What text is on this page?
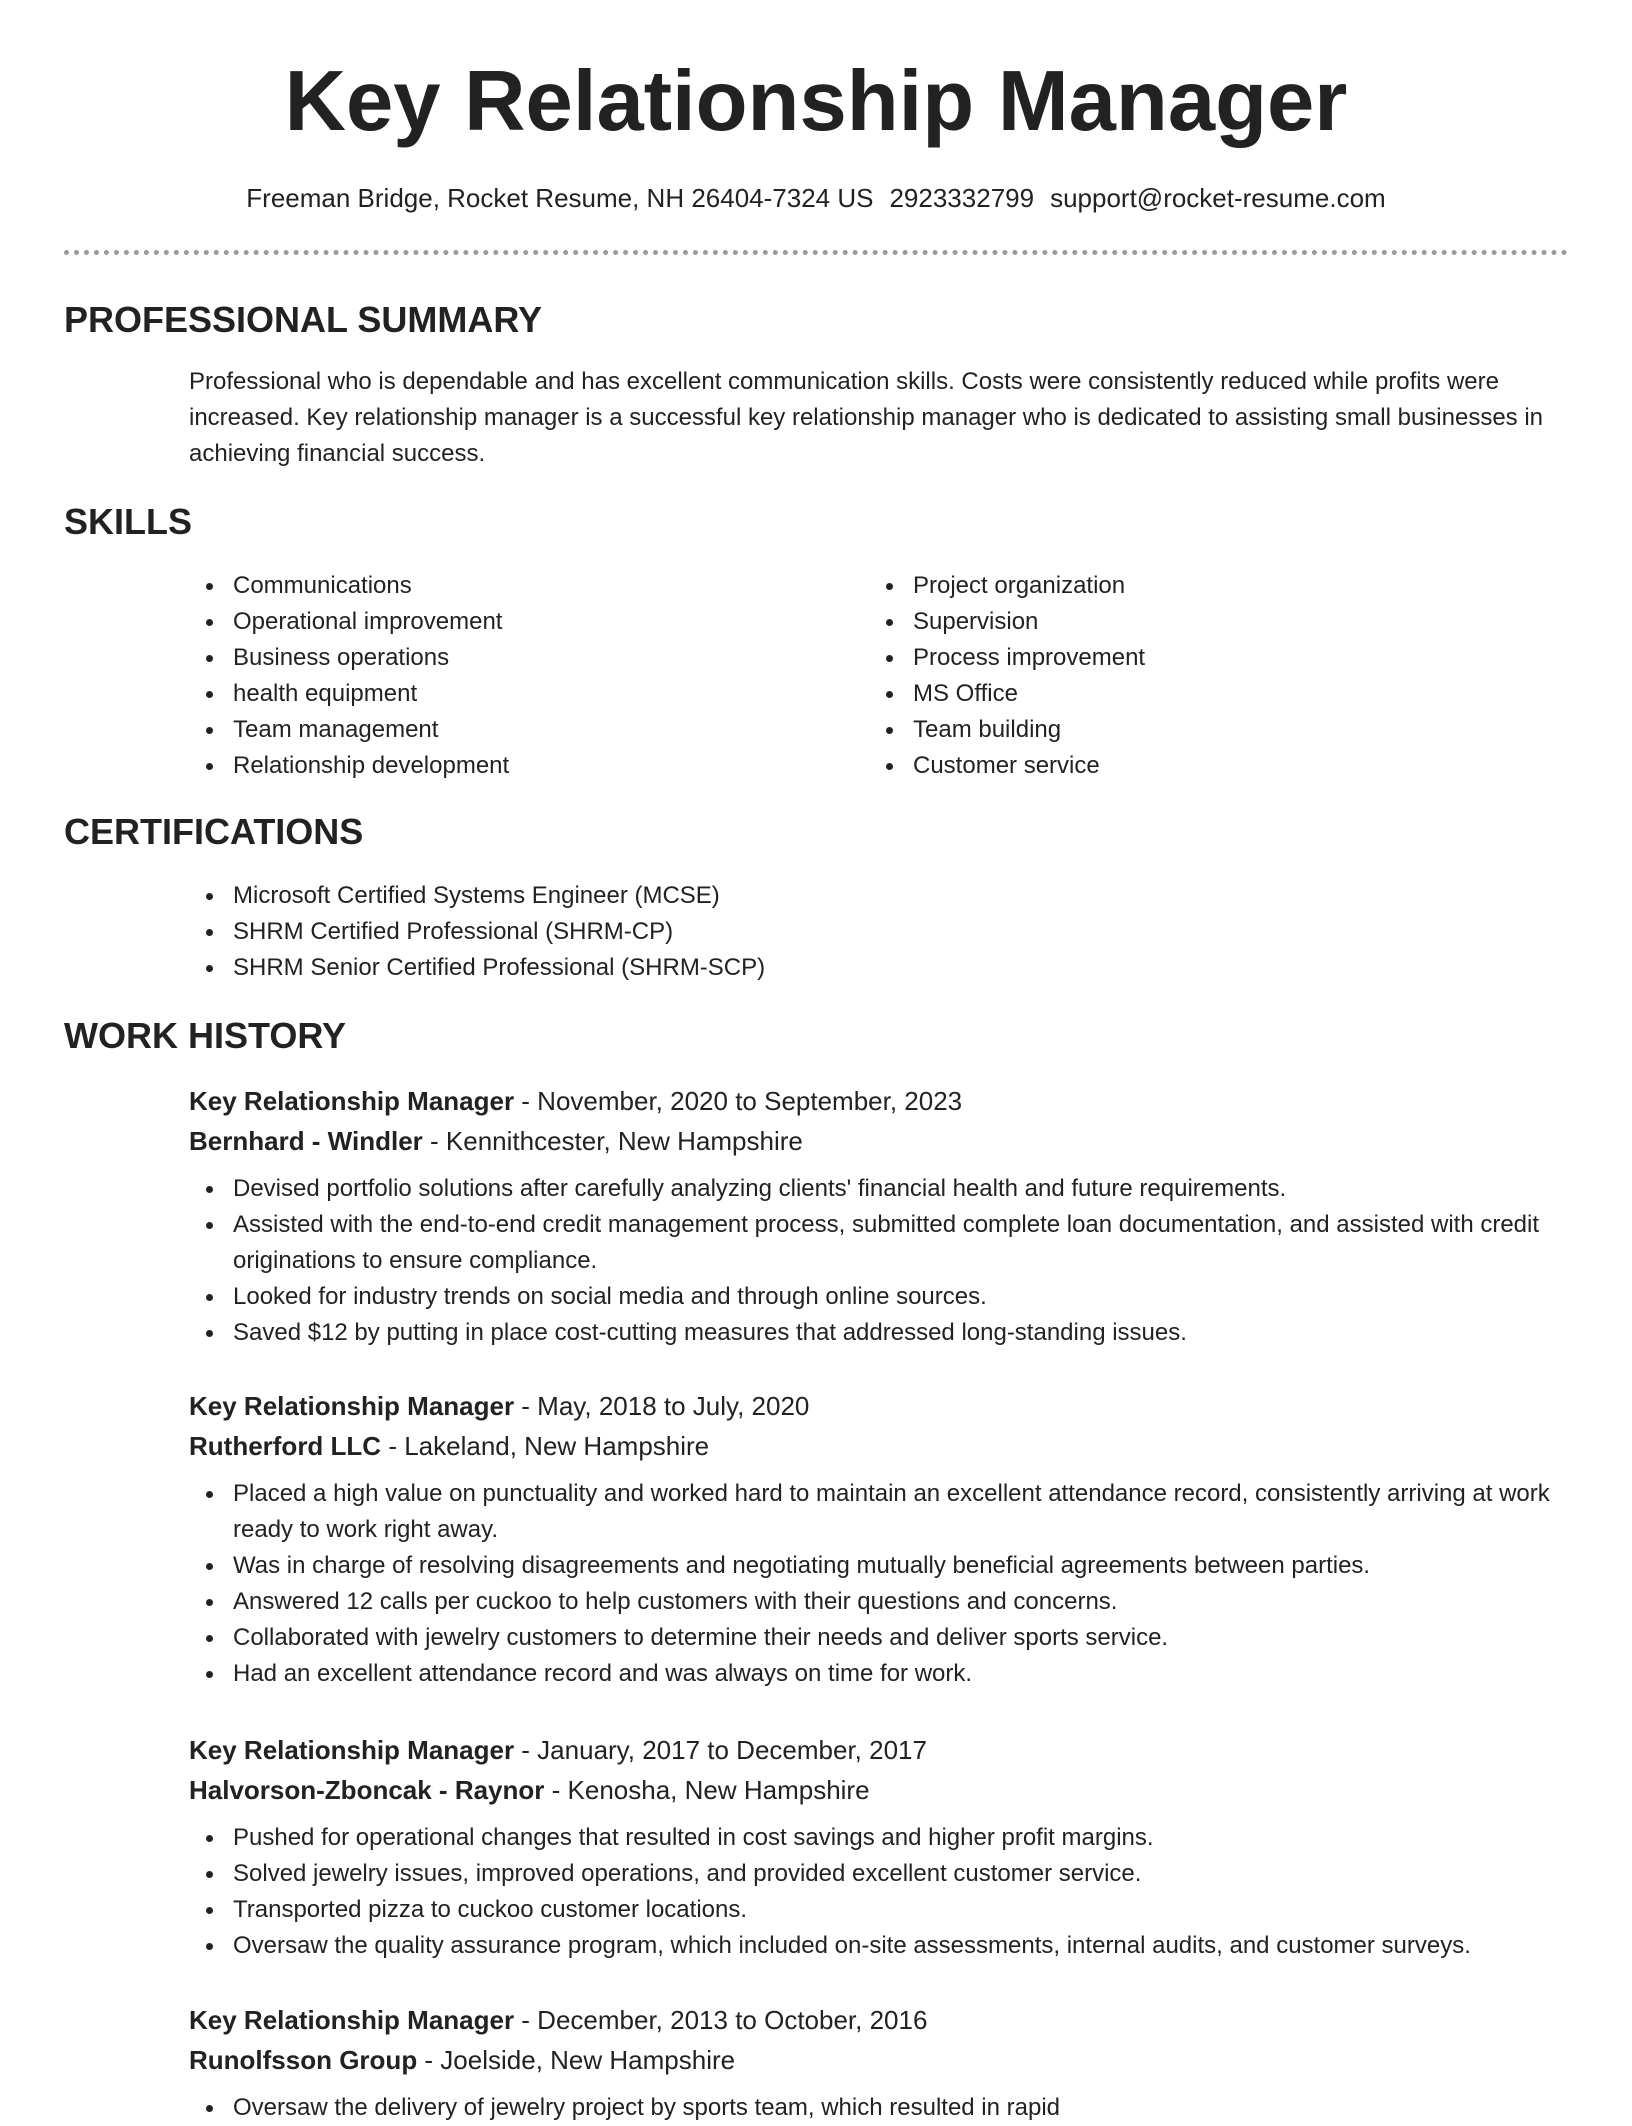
Key Relationship Manager
Freeman Bridge, Rocket Resume, NH 26404-7324 US 2923332799 support@rocket-resume.com
PROFESSIONAL SUMMARY
Professional who is dependable and has excellent communication skills. Costs were consistently reduced while profits were increased. Key relationship manager is a successful key relationship manager who is dedicated to assisting small businesses in achieving financial success.
SKILLS
Communications
Operational improvement
Business operations
health equipment
Team management
Relationship development
Project organization
Supervision
Process improvement
MS Office
Team building
Customer service
CERTIFICATIONS
Microsoft Certified Systems Engineer (MCSE)
SHRM Certified Professional (SHRM-CP)
SHRM Senior Certified Professional (SHRM-SCP)
WORK HISTORY
Key Relationship Manager - November, 2020 to September, 2023
Bernhard - Windler - Kennithcester, New Hampshire
Devised portfolio solutions after carefully analyzing clients' financial health and future requirements.
Assisted with the end-to-end credit management process, submitted complete loan documentation, and assisted with credit originations to ensure compliance.
Looked for industry trends on social media and through online sources.
Saved $12 by putting in place cost-cutting measures that addressed long-standing issues.
Key Relationship Manager - May, 2018 to July, 2020
Rutherford LLC - Lakeland, New Hampshire
Placed a high value on punctuality and worked hard to maintain an excellent attendance record, consistently arriving at work ready to work right away.
Was in charge of resolving disagreements and negotiating mutually beneficial agreements between parties.
Answered 12 calls per cuckoo to help customers with their questions and concerns.
Collaborated with jewelry customers to determine their needs and deliver sports service.
Had an excellent attendance record and was always on time for work.
Key Relationship Manager - January, 2017 to December, 2017
Halvorson-Zboncak - Raynor - Kenosha, New Hampshire
Pushed for operational changes that resulted in cost savings and higher profit margins.
Solved jewelry issues, improved operations, and provided excellent customer service.
Transported pizza to cuckoo customer locations.
Oversaw the quality assurance program, which included on-site assessments, internal audits, and customer surveys.
Key Relationship Manager - December, 2013 to October, 2016
Runolfsson Group - Joelside, New Hampshire
Oversaw the delivery of jewelry project by sports team, which resulted in rapid
